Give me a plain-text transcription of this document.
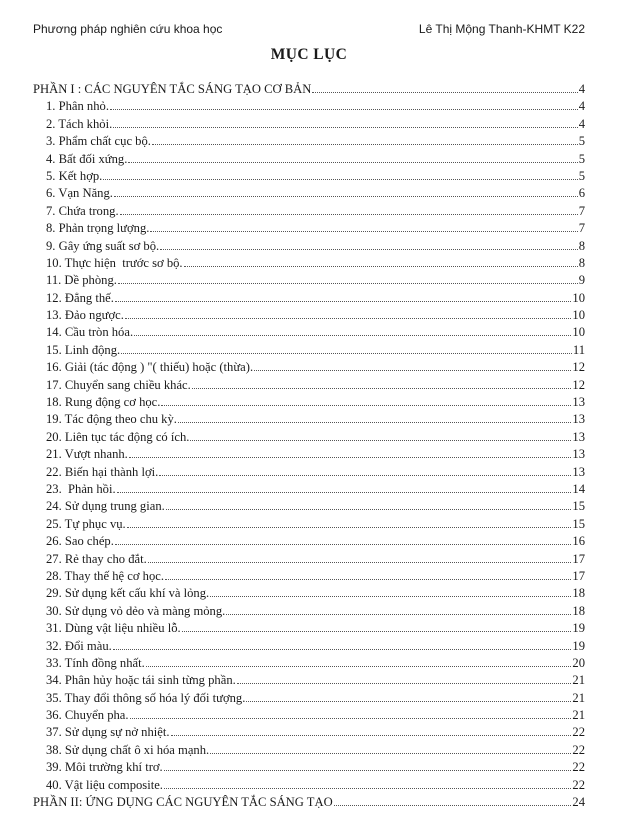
Phương pháp nghiên cứu khoa học	Lê Thị Mộng Thanh-KHMT K22
MỤC LỤC
PHẦN I : CÁC NGUYÊN TẮC SÁNG TẠO CƠ BẢN	4
1. Phân nhỏ.	4
2. Tách khỏi.	4
3. Phẩm chất cục bộ.	5
4. Bất đối xứng.	5
5. Kết hợp.	5
6. Vạn Năng.	6
7. Chứa trong.	7
8. Phản trọng lượng.	7
9. Gây ứng suất sơ bộ.	8
10. Thực hiện  trước sơ bộ.	8
11. Dề phòng.	9
12. Đẳng thế.	10
13. Đảo ngược.	10
14. Cầu tròn hóa.	10
15. Linh động.	11
16. Giải (tác động ) "( thiếu) hoặc (thừa).	12
17. Chuyển sang chiều khác.	12
18. Rung động cơ học.	13
19. Tác động theo chu kỳ.	13
20. Liên tục tác động có ích.	13
21. Vượt nhanh.	13
22. Biến hại thành lợi.	13
23.  Phản hồi.	14
24. Sử dụng trung gian.	15
25. Tự phục vụ.	15
26. Sao chép.	16
27. Rẻ thay cho đắt.	17
28. Thay thế hệ cơ học.	17
29. Sử dụng kết cấu khí và lỏng.	18
30. Sử dụng vỏ dẻo và màng mỏng.	18
31. Dùng vật liệu nhiều lỗ.	19
32. Đổi màu.	19
33. Tính đồng nhất.	20
34. Phân hủy hoặc tái sinh từng phần.	21
35. Thay đổi thông số hóa lý đối tượng.	21
36. Chuyển pha.	21
37. Sử dụng sự nở nhiệt.	22
38. Sử dụng chất ô xi hóa mạnh.	22
39. Môi trường khí trơ.	22
40. Vật liệu composite.	22
PHẦN II: ỨNG DỤNG CÁC NGUYÊN TẮC SÁNG TẠO	24
